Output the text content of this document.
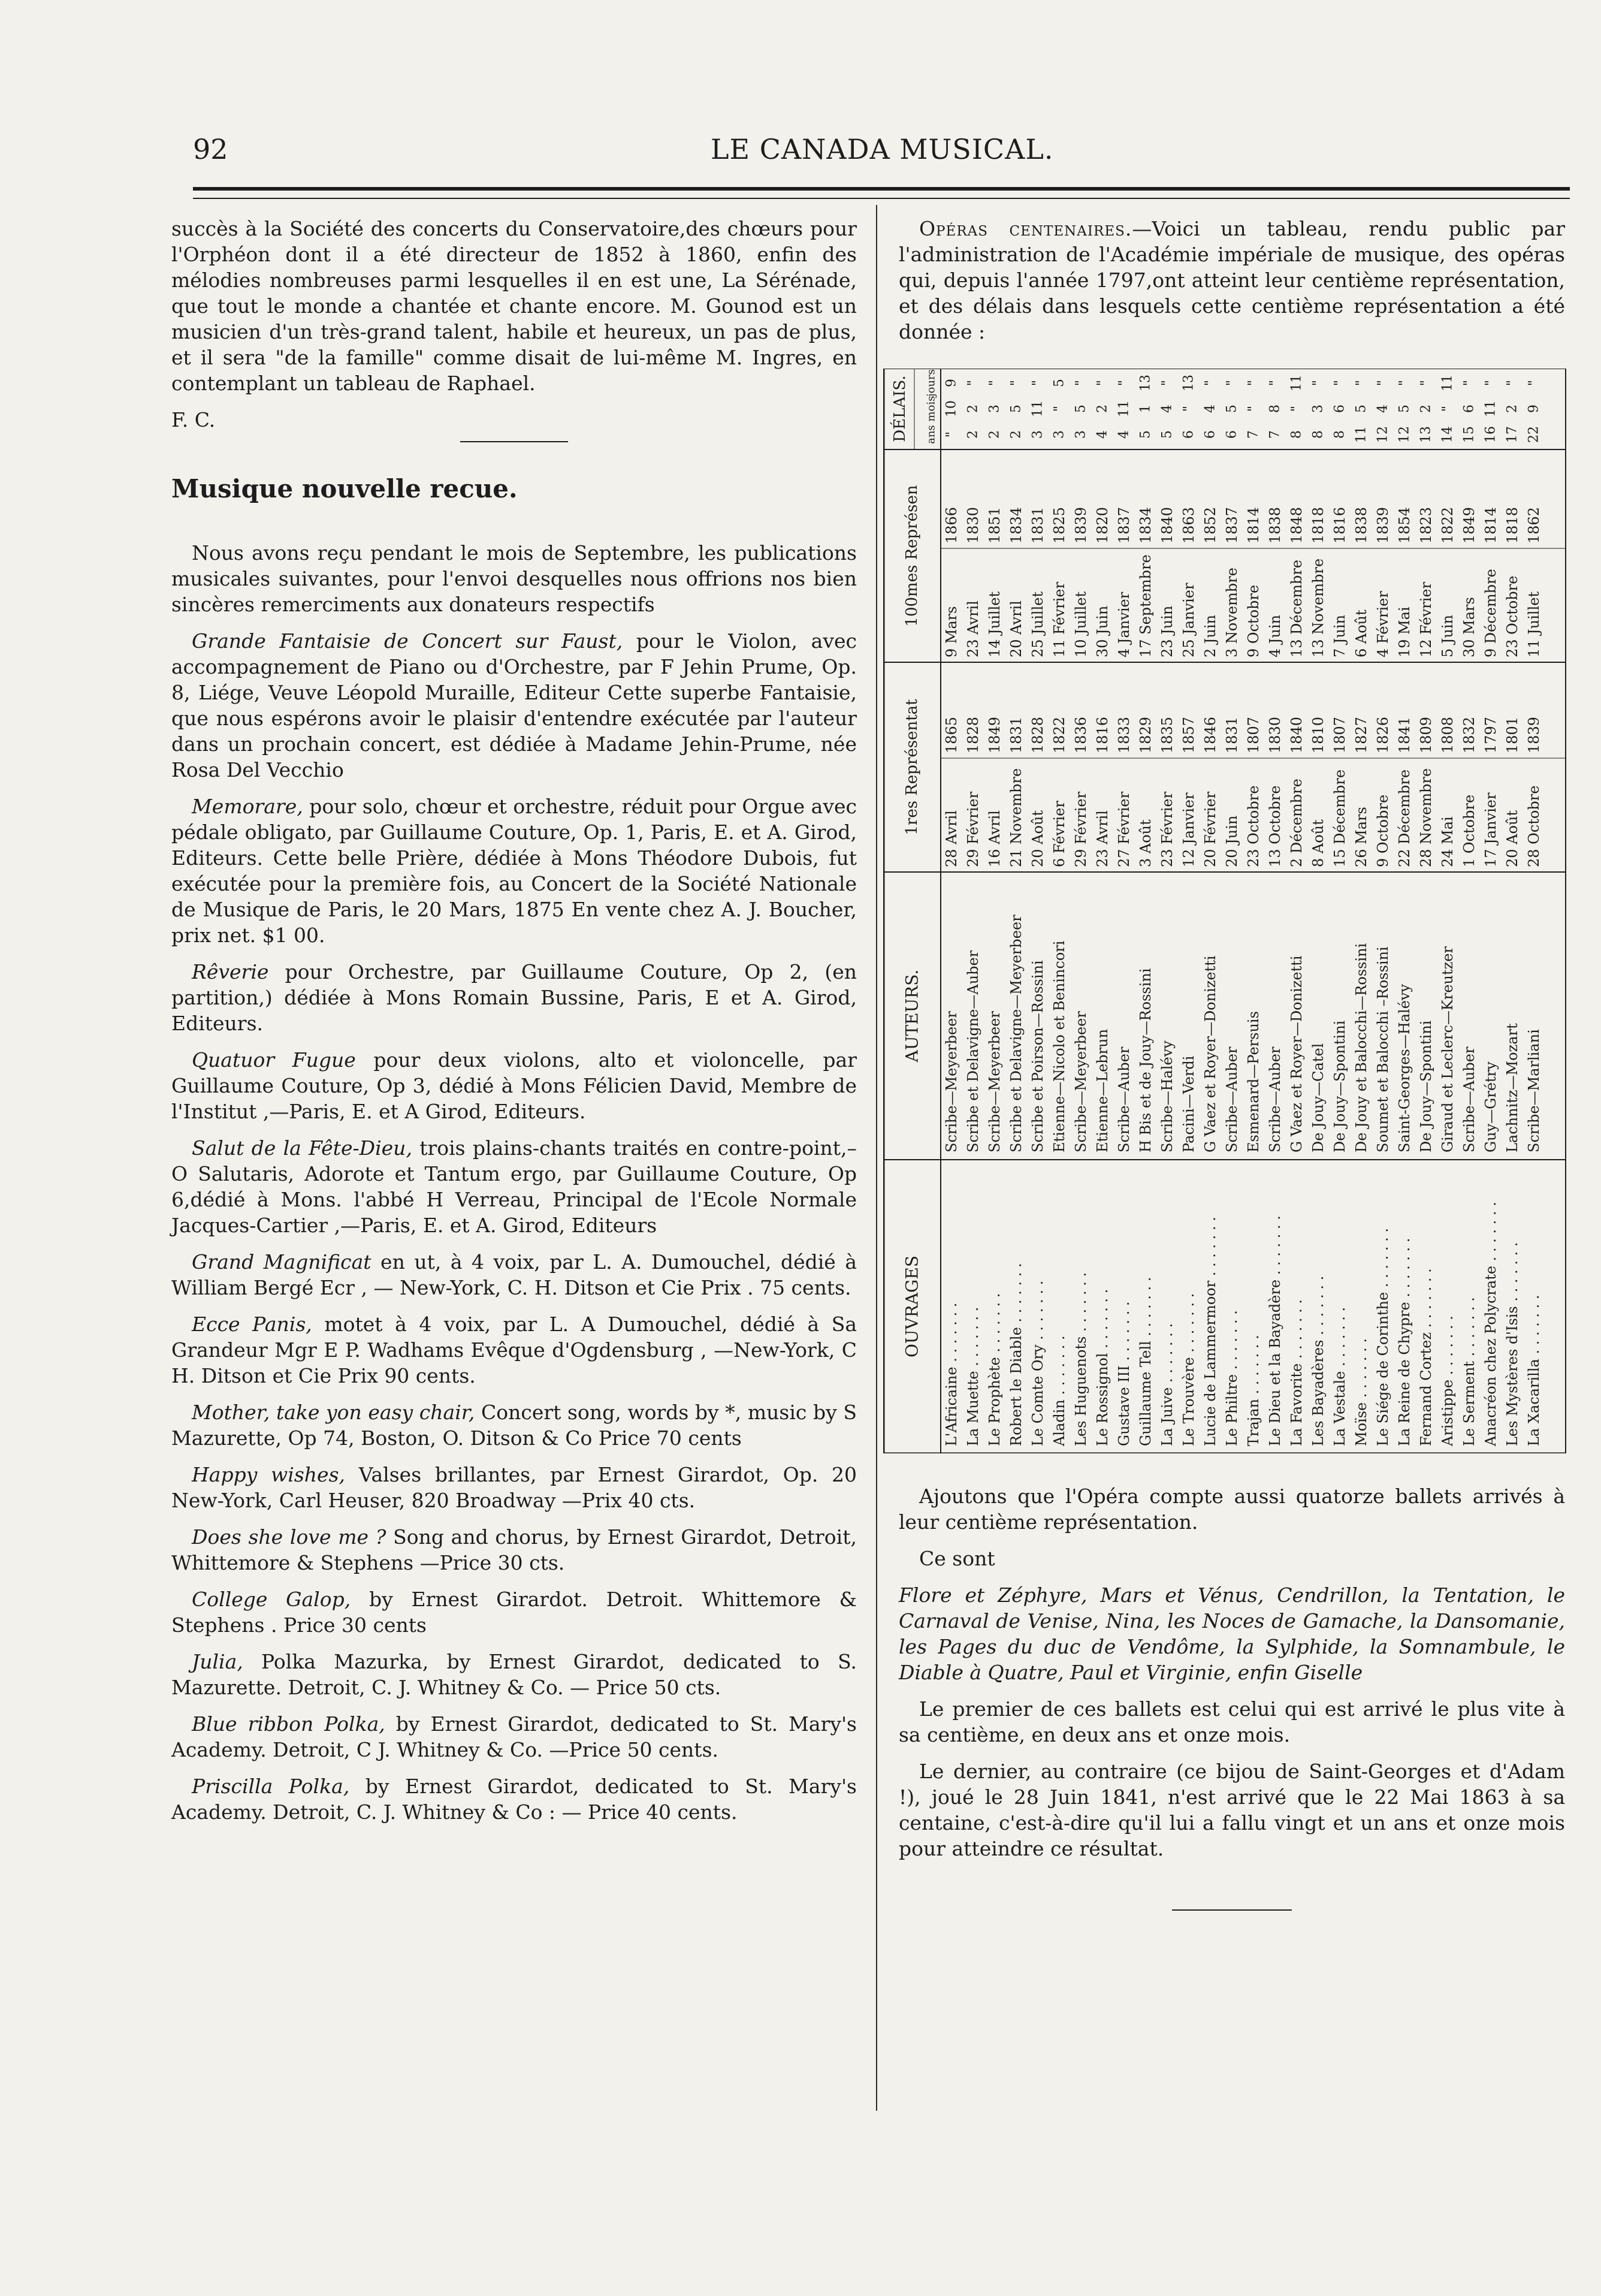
92	LE CANADA MUSICAL.

succès à la Société des concerts du Conservatoire,des chœurs pour l'Orphéon dont il a été directeur de 1852 à 1860, enfin des mélodies nombreuses parmi lesquelles il en est une, La Sérénade, que tout le monde a chantée et chante encore. M. Gounod est un musicien d'un très-grand talent, habile et heureux, un pas de plus, et il sera "de la famille" comme disait de lui-même M. Ingres, en contemplant un tableau de Raphael.

F. C.

Musique nouvelle recue.

Nous avons reçu pendant le mois de Septembre, les publications musicales suivantes, pour l'envoi desquelles nous offrions nos bien sincères remerciments aux donateurs respectifs

Grande Fantaisie de Concert sur Faust, pour le Violon, avec accompagnement de Piano ou d'Orchestre, par F Jehin Prume, Op. 8, Liége, Veuve Léopold Muraille, Editeur Cette superbe Fantaisie, que nous espérons avoir le plaisir d'entendre exécutée par l'auteur dans un prochain concert, est dédiée à Madame Jehin-Prume, née Rosa Del Vecchio

Memorare, pour solo, chœur et orchestre, réduit pour Orgue avec pédale obligato, par Guillaume Couture, Op. 1, Paris, E. et A. Girod, Editeurs. Cette belle Prière, dédiée à Mons Théodore Dubois, fut exécutée pour la première fois, au Concert de la Société Nationale de Musique de Paris, le 20 Mars, 1875 En vente chez A. J. Boucher, prix net. $1 00.

Rêverie pour Orchestre, par Guillaume Couture, Op 2, (en partition,) dédiée à Mons Romain Bussine, Paris, E et A. Girod, Editeurs.

Quatuor Fugue pour deux violons, alto et violoncelle, par Guillaume Couture, Op 3, dédié à Mons Félicien David, Membre de l'Institut ,—Paris, E. et A Girod, Editeurs.

Salut de la Fête-Dieu, trois plains-chants traités en contre-point,– O Salutaris, Adorote et Tantum ergo, par Guillaume Couture, Op 6,dédié à Mons. l'abbé H Verreau, Principal de l'Ecole Normale Jacques-Cartier ,—Paris, E. et A. Girod, Editeurs

Grand Magnificat en ut, à 4 voix, par L. A. Dumouchel, dédié à William Bergé Ecr , — New-York, C. H. Ditson et Cie Prix . 75 cents.

Ecce Panis, motet à 4 voix, par L. A Dumouchel, dédié à Sa Grandeur Mgr E P. Wadhams Evêque d'Ogdensburg , —New-York, C H. Ditson et Cie Prix 90 cents.

Mother, take yon easy chair, Concert song, words by *, music by S Mazurette, Op 74, Boston, O. Ditson & Co Price 70 cents

Happy wishes, Valses brillantes, par Ernest Girardot, Op. 20 New-York, Carl Heuser, 820 Broadway —Prix 40 cts.

Does she love me ? Song and chorus, by Ernest Girardot, Detroit, Whittemore & Stephens —Price 30 cts.

College Galop, by Ernest Girardot. Detroit. Whittemore & Stephens . Price 30 cents

Julia, Polka Mazurka, by Ernest Girardot, dedicated to S. Mazurette. Detroit, C. J. Whitney & Co. — Price 50 cts.

Blue ribbon Polka, by Ernest Girardot, dedicated to St. Mary's Academy. Detroit, C J. Whitney & Co. —Price 50 cents.

Priscilla Polka, by Ernest Girardot, dedicated to St. Mary's Academy. Detroit, C. J. Whitney & Co : — Price 40 cents.

Opéras centenaires.—Voici un tableau, rendu public par l'administration de l'Académie impériale de musique, des opéras qui, depuis l'année 1797,ont atteint leur centième représentation, et des délais dans lesquels cette centième représentation a été donnée :

OUVRAGES
AUTEURS.
1res Représentat
100mes Représen
DÉLAIS. ans
mois
jours
L'Africaine . . . . . . .
Scribe—Meyerbeer
28 Avril
1865
9 Mars
1866
"
10
9
La Muette . . . . . . .
Scribe et Delavigne—Auber
29 Février
1828
23 Avril
1830
2
2
"
Le Prophète . . . . . . .
Scribe—Meyerbeer
16 Avril
1849
14 Juillet
1851
2
3
"
Robert le Diable . . . . . . .
Scribe et Delavigne—Meyerbeer
21 Novembre
1831
20 Avril
1834
2
5
"
Le Comte Ory . . . . . . .
Scribe et Poirson—Rossini
20 Août
1828
25 Juillet
1831
3
11
"
Aladin . . . . . . .
Etienne—Nicolo et Benincori
6 Février
1822
11 Février
1825
3
"
5
Les Huguenots . . . . . . .
Scribe—Meyerbeer
29 Février
1836
10 Juillet
1839
3
5
"
Le Rossignol . . . . . . .
Etienne—Lebrun
23 Avril
1816
30 Juin
1820
4
2
"
Gustave III . . . . . . .
Scribe—Auber
27 Février
1833
4 Janvier
1837
4
11
"
Guillaume Tell . . . . . . .
H Bis et de Jouy—Rossini
3 Août
1829
17 Septembre
1834
5
1
13
La Juive . . . . . . .
Scribe—Halévy
23 Février
1835
23 Juin
1840
5
4
"
Le Trouvère . . . . . . .
Pacini—Verdi
12 Janvier
1857
25 Janvier
1863
6
"
13
Lucie de Lammermoor . . . . . . .
G Vaez et Royer—Donizetti
20 Février
1846
2 Juin
1852
6
4
"
Le Philtre . . . . . . .
Scribe—Auber
20 Juin
1831
3 Novembre
1837
6
5
"
Trajan . . . . . . .
Esmenard—Persuis
23 Octobre
1807
9 Octobre
1814
7
"
"
Le Dieu et la Bayadère . . . . . . .
Scribe—Auber
13 Octobre
1830
4 Juin
1838
7
8
"
La Favorite . . . . . . .
G Vaez et Royer—Donizetti
2 Décembre
1840
13 Décembre
1848
8
"
11
Les Bayadères . . . . . . .
De Jouy—Catel
8 Août
1810
13 Novembre
1818
8
3
"
La Vestale . . . . . . .
De Jouy—Spontini
15 Décembre
1807
7 Juin
1816
8
6
"
Moïse . . . . . . .
De Jouy et Balocchi—Rossini
26 Mars
1827
6 Août
1838
11
5
"
Le Siége de Corinthe . . . . . . .
Soumet et Balocchi –Rossini
9 Octobre
1826
4 Février
1839
12
4
"
La Reine de Chypre . . . . . . .
Saint-Georges—Halévy
22 Décembre
1841
19 Mai
1854
12
5
"
Fernand Cortez . . . . . . .
De Jouy—Spontini
28 Novembre
1809
12 Février
1823
13
2
"
Aristippe . . . . . . .
Giraud et Leclerc—Kreutzer
24 Mai
1808
5 Juin
1822
14
"
11
Le Serment . . . . . . .
Scribe—Auber
1 Octobre
1832
30 Mars
1849
15
6
"
Anacréon chez Polycrate . . . . . . .
Guy—Grétry
17 Janvier
1797
9 Décembre
1814
16
11
"
Les Mystères d'Isis . . . . . . .
Lachnitz—Mozart
20 Août
1801
23 Octobre
1818
17
2
"
La Xacarilla . . . . . . .
Scribe—Marliani
28 Octobre
1839
11 Juillet
1862
22
9
"

Ajoutons que l'Opéra compte aussi quatorze ballets arrivés à leur centième représentation.

Ce sont

Flore et Zéphyre, Mars et Vénus, Cendrillon, la Tentation, le Carnaval de Venise, Nina, les Noces de Gamache, la Dansomanie, les Pages du duc de Vendôme, la Sylphide, la Somnambule, le Diable à Quatre, Paul et Virginie, enfin Giselle

Le premier de ces ballets est celui qui est arrivé le plus vite à sa centième, en deux ans et onze mois.

Le dernier, au contraire (ce bijou de Saint-Georges et d'Adam !), joué le 28 Juin 1841, n'est arrivé que le 22 Mai 1863 à sa centaine, c'est-à-dire qu'il lui a fallu vingt et un ans et onze mois pour atteindre ce résultat.
